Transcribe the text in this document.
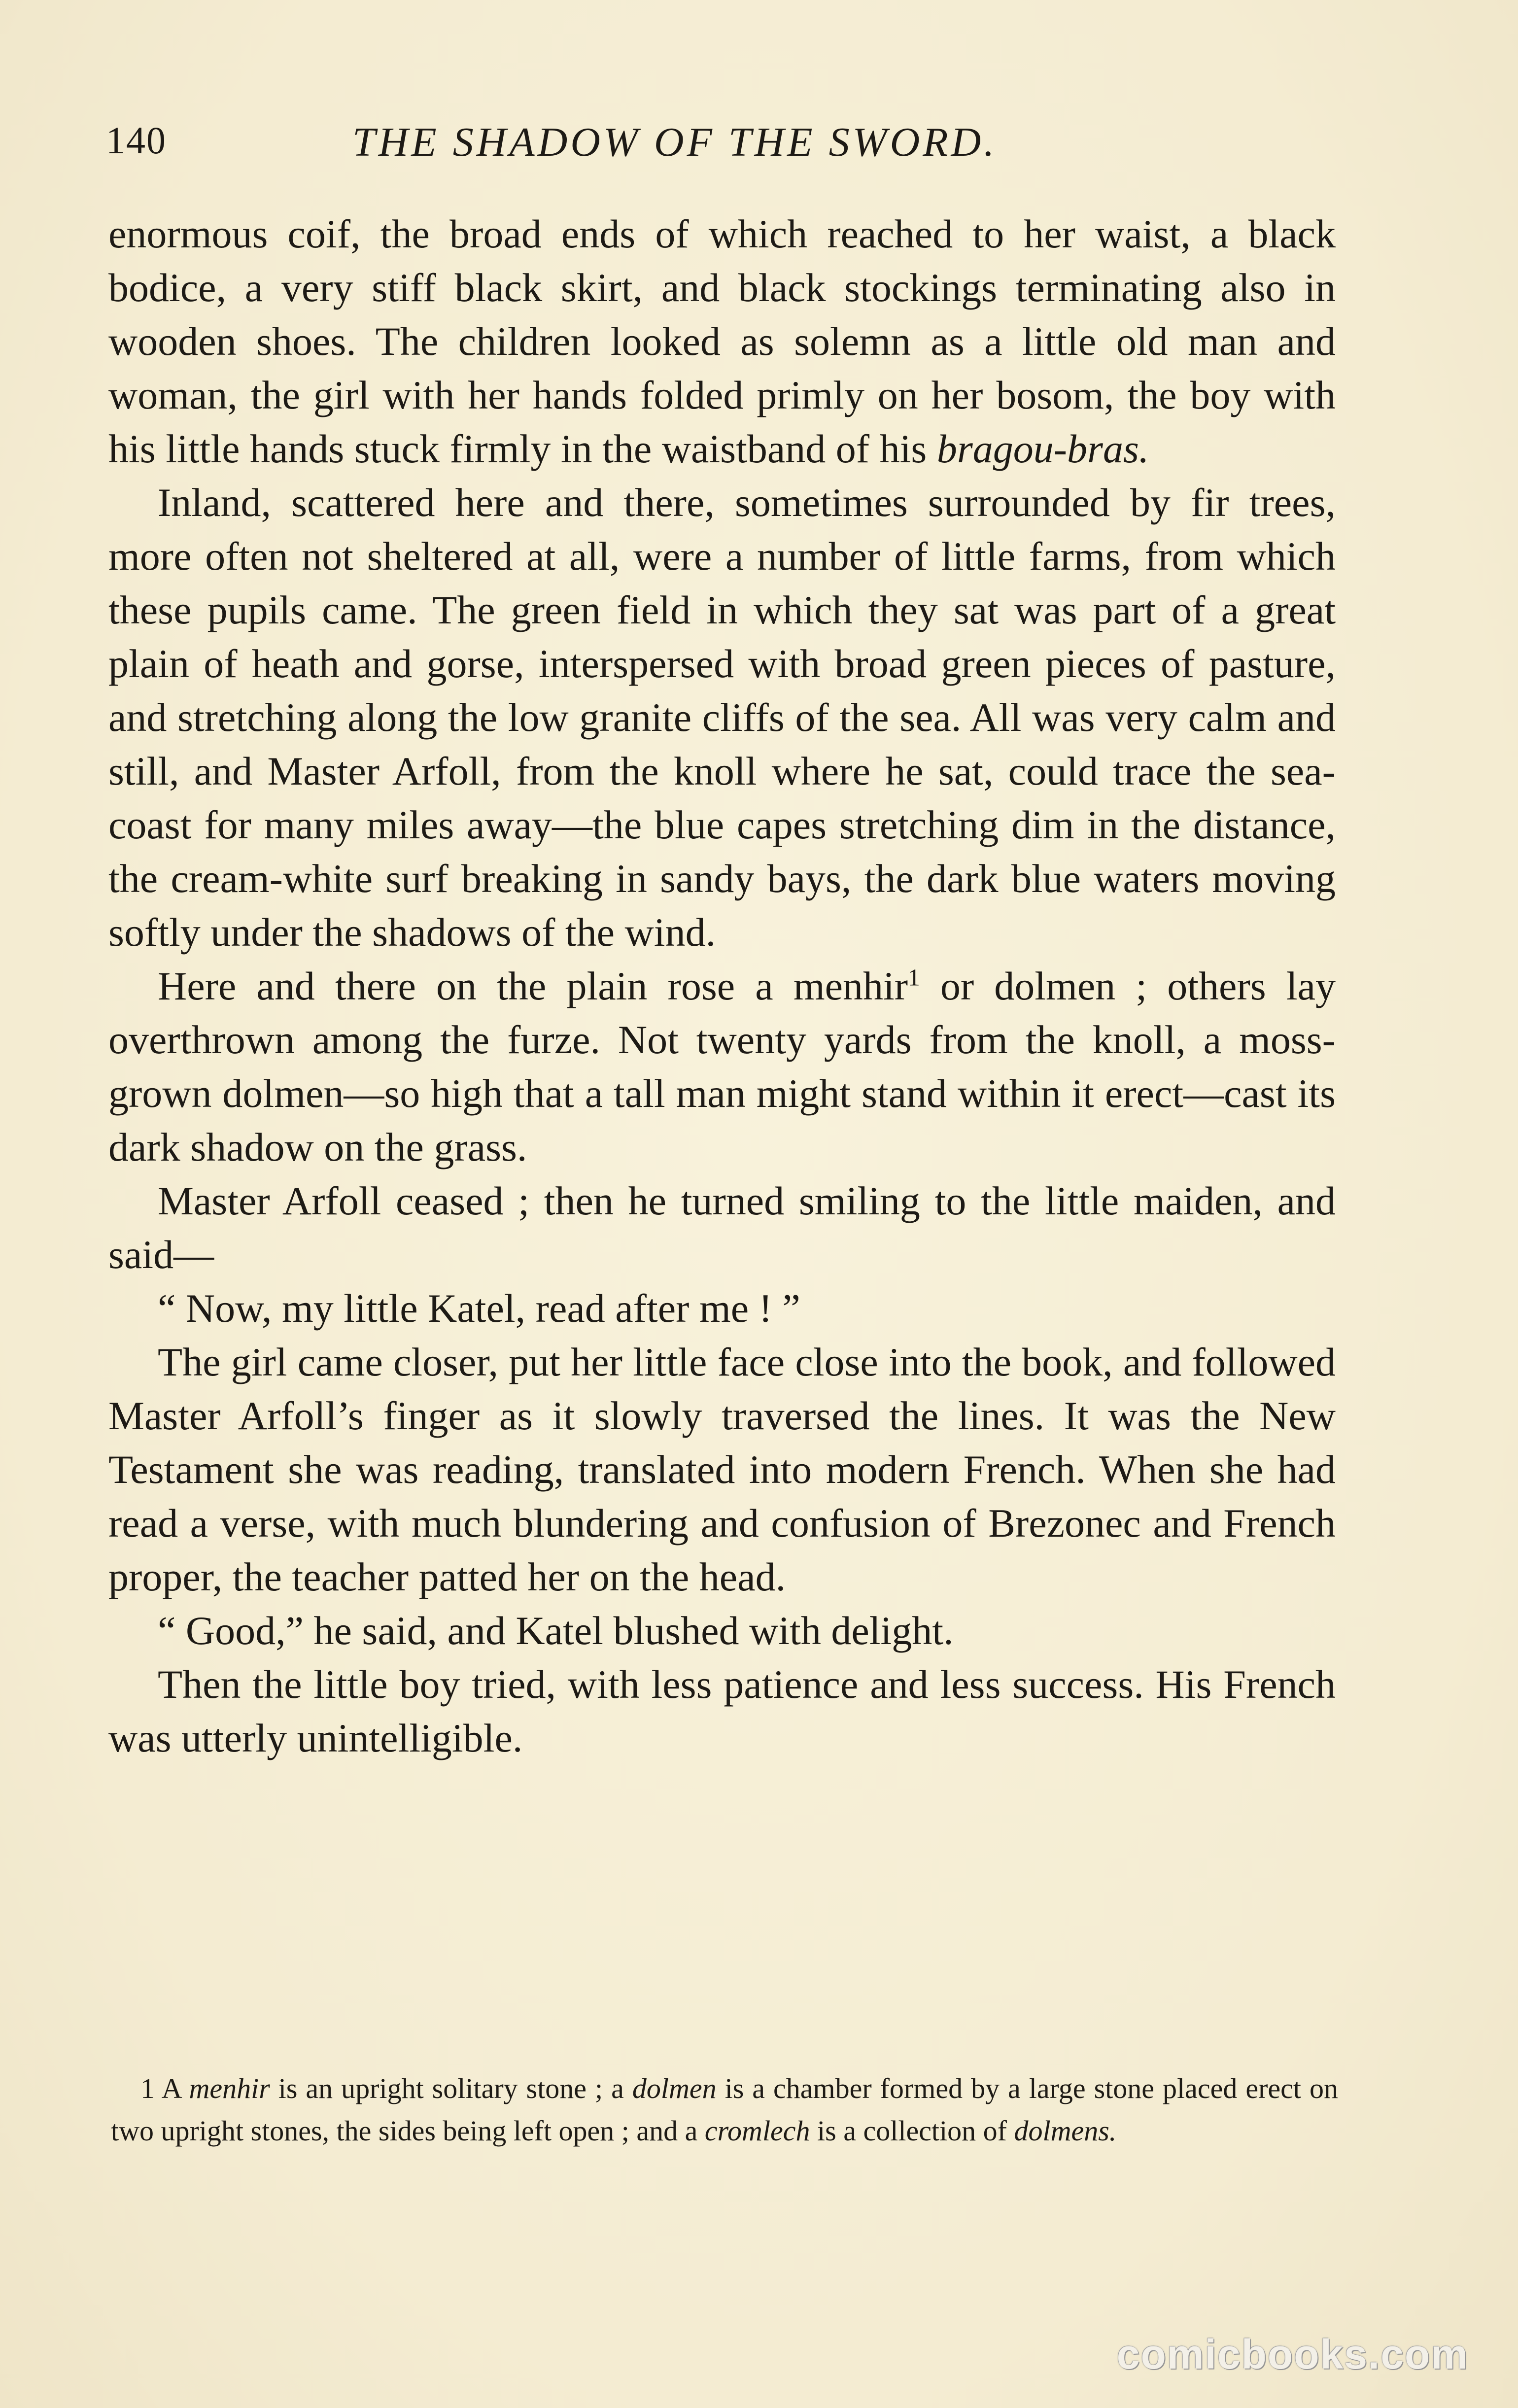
140	THE SHADOW OF THE SWORD.

enormous coif, the broad ends of which reached to her waist, a black bodice, a very stiff black skirt, and black stockings terminating also in wooden shoes. The children looked as solemn as a little old man and woman, the girl with her hands folded primly on her bosom, the boy with his little hands stuck firmly in the waistband of his bragou-bras.

Inland, scattered here and there, sometimes surrounded by fir trees, more often not sheltered at all, were a number of little farms, from which these pupils came. The green field in which they sat was part of a great plain of heath and gorse, interspersed with broad green pieces of pasture, and stretching along the low granite cliffs of the sea. All was very calm and still, and Master Arfoll, from the knoll where he sat, could trace the sea-coast for many miles away—the blue capes stretching dim in the distance, the cream-white surf breaking in sandy bays, the dark blue waters moving softly under the shadows of the wind.

Here and there on the plain rose a menhir$^1$ or dolmen ; others lay overthrown among the furze. Not twenty yards from the knoll, a moss-grown dolmen—so high that a tall man might stand within it erect—cast its dark shadow on the grass.

Master Arfoll ceased ; then he turned smiling to the little maiden, and said—

“ Now, my little Katel, read after me ! ”

The girl came closer, put her little face close into the book, and followed Master Arfoll’s finger as it slowly traversed the lines. It was the New Testament she was reading, translated into modern French. When she had read a verse, with much blundering and confusion of Brezonec and French proper, the teacher patted her on the head.

“ Good,” he said, and Katel blushed with delight.

Then the little boy tried, with less patience and less success. His French was utterly unintelligible.

1 A menhir is an upright solitary stone ; a dolmen is a chamber formed by a large stone placed erect on two upright stones, the sides being left open ; and a cromlech is a collection of dolmens.

comicbooks.com
